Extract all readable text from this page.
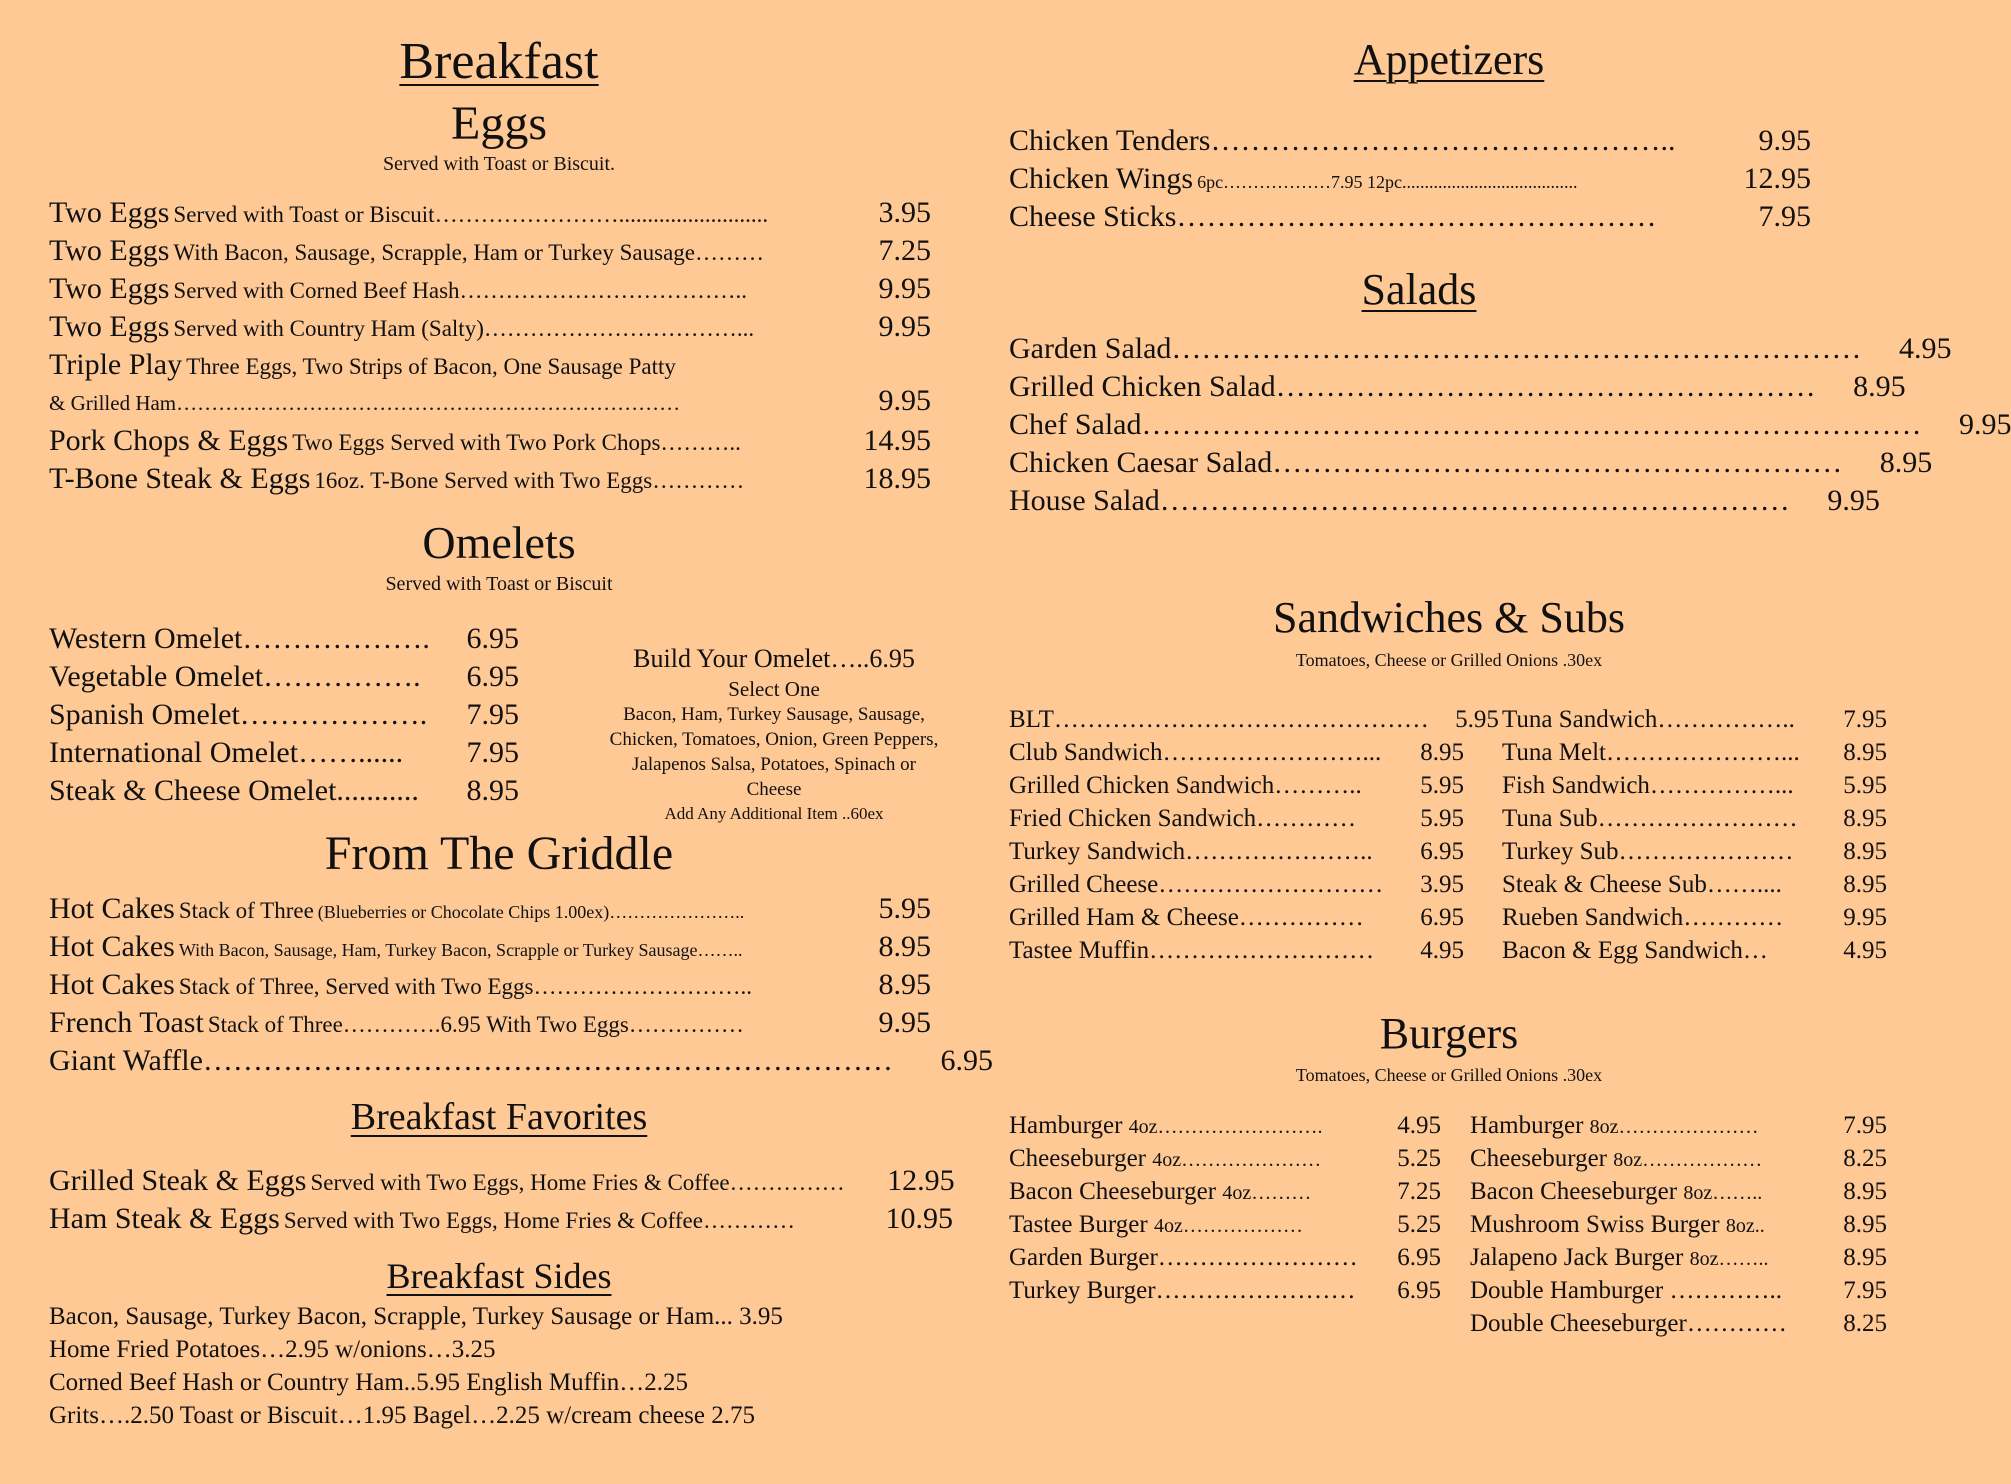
Breakfast
Eggs
Served with Toast or Biscuit.
Two Eggs Served with Toast or Biscuit……………………..........................	3.95
Two Eggs With Bacon, Sausage, Scrapple, Ham or Turkey Sausage………	7.25
Two Eggs Served with Corned Beef Hash………………………………..	9.95
Two Eggs Served with Country Ham (Salty)……………………………...	9.95
Triple Play Three Eggs, Two Strips of Bacon, One Sausage Patty
& Grilled Ham………………………………………………………………	9.95
Pork Chops & Eggs Two Eggs Served with Two Pork Chops………..	14.95
T-Bone Steak & Eggs 16oz. T-Bone Served with Two Eggs…………	18.95
Omelets
Served with Toast or Biscuit
Western Omelet……………….	6.95
Vegetable Omelet…………….	6.95
Spanish Omelet……………….	7.95
International Omelet……......	7.95
Steak & Cheese Omelet...........	8.95
Build Your Omelet…..6.95
Select One
Bacon, Ham, Turkey Sausage, Sausage,
Chicken, Tomatoes, Onion, Green Peppers,
Jalapenos Salsa, Potatoes, Spinach or
Cheese
Add Any Additional Item ..60ex
From The Griddle
Hot Cakes Stack of Three (Blueberries or Chocolate Chips 1.00ex)…………………..	5.95
Hot Cakes With Bacon, Sausage, Ham, Turkey Bacon, Scrapple or Turkey Sausage……..	8.95
Hot Cakes Stack of Three, Served with Two Eggs………………………..	8.95
French Toast Stack of Three………….6.95 With Two Eggs……………	9.95
Giant Waffle……………………………………………………………	6.95
Breakfast Favorites
Grilled Steak & Eggs Served with Two Eggs, Home Fries & Coffee……………	12.95
Ham Steak & Eggs Served with Two Eggs, Home Fries & Coffee…………	10.95
Breakfast Sides
Bacon, Sausage, Turkey Bacon, Scrapple, Turkey Sausage or Ham... 3.95
Home Fried Potatoes…2.95 w/onions…3.25
Corned Beef Hash or Country Ham..5.95 English Muffin…2.25
Grits….2.50 Toast or Biscuit…1.95 Bagel…2.25 w/cream cheese 2.75
Appetizers
Chicken Tenders………………………………………..	9.95
Chicken Wings 6pc………………7.95 12pc.......................................	12.95
Cheese Sticks…………………………………………	7.95
Salads
Garden Salad……………………………………………………………	4.95
Grilled Chicken Salad………………………………………………	8.95
Chef Salad……………………………………………………………………	9.95
Chicken Caesar Salad…………………………………………………	8.95
House Salad………………………………………………………	9.95
Sandwiches & Subs
Tomatoes, Cheese or Grilled Onions .30ex
BLT………………………………………	5.95
Club Sandwich……………………...	8.95
Grilled Chicken Sandwich………..	5.95
Fried Chicken Sandwich…………	5.95
Turkey Sandwich…………………..	6.95
Grilled Cheese………………………	3.95
Grilled Ham & Cheese……………	6.95
Tastee Muffin………………………	4.95
Tuna Sandwich……………..	7.95
Tuna Melt…………………...	8.95
Fish Sandwich……………...	5.95
Tuna Sub……………………	8.95
Turkey Sub…………………	8.95
Steak & Cheese Sub……....	8.95
Rueben Sandwich…………	9.95
Bacon & Egg Sandwich…	4.95
Burgers
Tomatoes, Cheese or Grilled Onions .30ex
Hamburger 4oz…………………….	4.95
Cheeseburger 4oz…………………	5.25
Bacon Cheeseburger 4oz………	7.25
Tastee Burger 4oz………………	5.25
Garden Burger……………………	6.95
Turkey Burger……………………	6.95
Hamburger 8oz…………………	7.95
Cheeseburger 8oz………………	8.25
Bacon Cheeseburger 8oz……..	8.95
Mushroom Swiss Burger 8oz..	8.95
Jalapeno Jack Burger 8oz……..	8.95
Double Hamburger …………..	7.95
Double Cheeseburger…………	8.25
